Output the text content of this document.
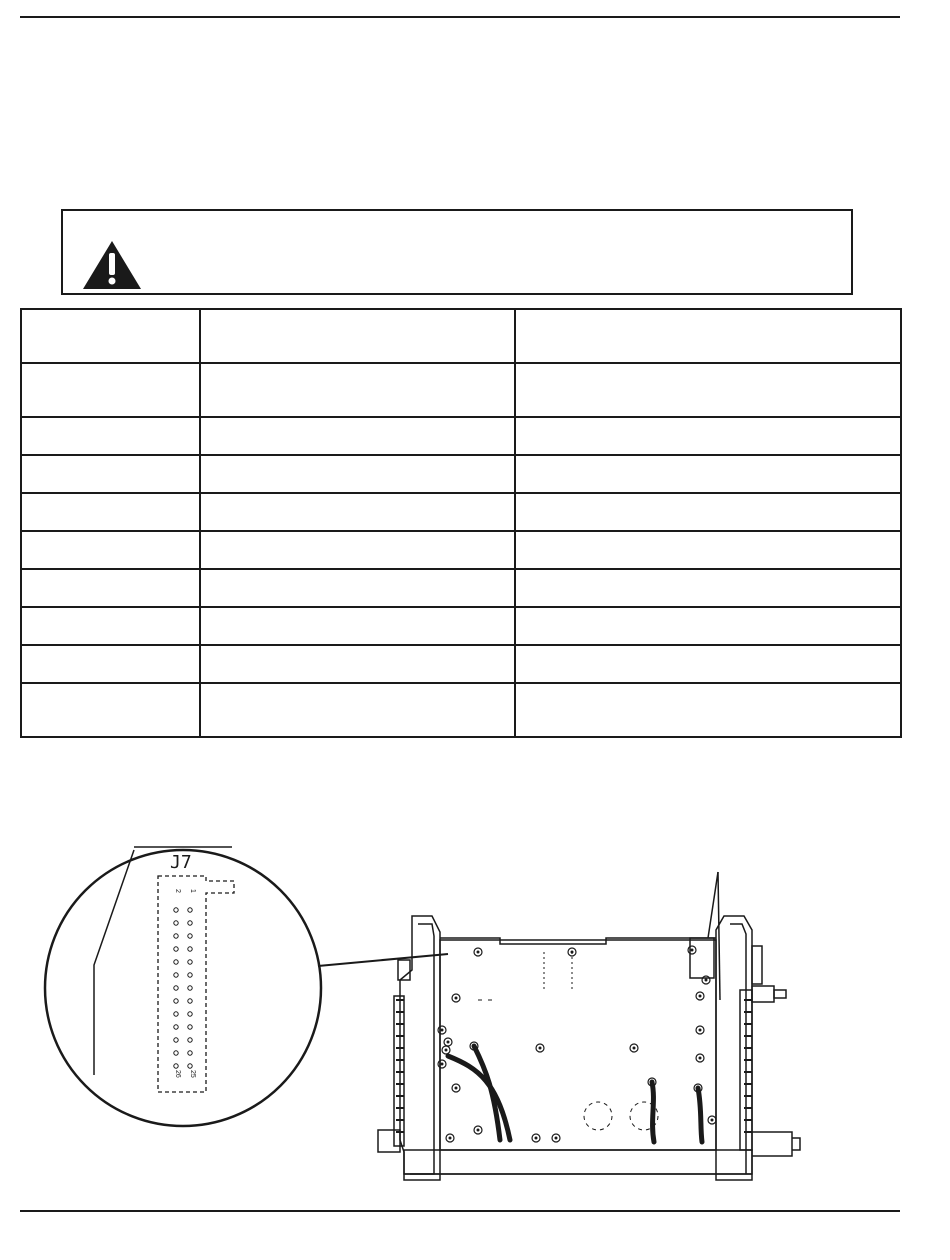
J7
1
2
25
26
